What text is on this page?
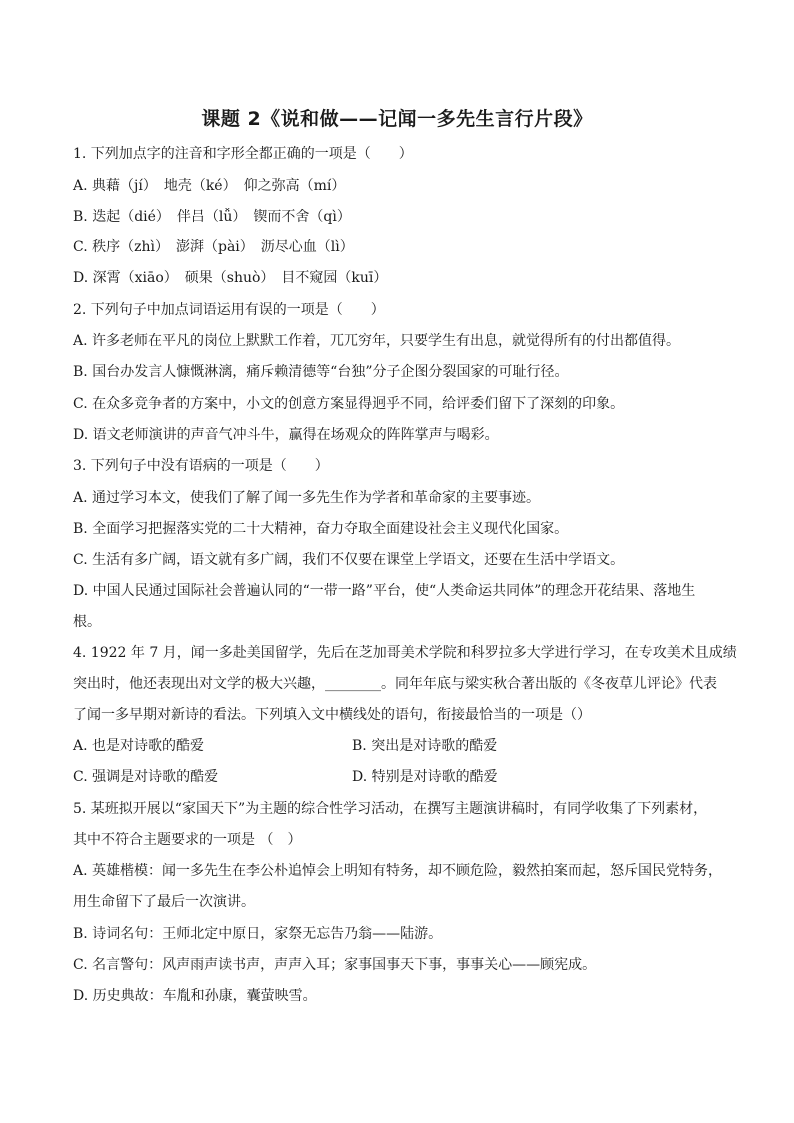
课题 2《说和做——记闻一多先生言行片段》
1. 下列加点字的注音和字形全都正确的一项是（　　）
A. 典藉（jí）　地壳（ké）　仰之弥高（mí）
B. 迭起（dié）　伴吕（lǚ）　锲而不舍（qì）
C. 秩序（zhì）　澎湃（pài）　沥尽心血（lì）
D. 深霄（xiāo）　硕果（shuò）　目不窥园（kuī）
2. 下列句子中加点词语运用有误的一项是（　　）
A. 许多老师在平凡的岗位上默默工作着，兀兀穷年，只要学生有出息，就觉得所有的付出都值得。
B. 国台办发言人慷慨淋漓，痛斥赖清德等“台独”分子企图分裂国家的可耻行径。
C. 在众多竞争者的方案中，小文的创意方案显得迥乎不同，给评委们留下了深刻的印象。
D. 语文老师演讲的声音气冲斗牛，赢得在场观众的阵阵掌声与喝彩。
3. 下列句子中没有语病的一项是（　　）
A. 通过学习本文，使我们了解了闻一多先生作为学者和革命家的主要事迹。
B. 全面学习把握落实党的二十大精神，奋力夺取全面建设社会主义现代化国家。
C. 生活有多广阔，语文就有多广阔，我们不仅要在课堂上学语文，还要在生活中学语文。
D. 中国人民通过国际社会普遍认同的“一带一路”平台，使“人类命运共同体”的理念开花结果、落地生
根。
4. 1922 年 7 月，闻一多赴美国留学，先后在芝加哥美术学院和科罗拉多大学进行学习，在专攻美术且成绩
突出时，他还表现出对文学的极大兴趣，________。同年年底与梁实秋合著出版的《冬夜草儿评论》代表
了闻一多早期对新诗的看法。下列填入文中横线处的语句，衔接最恰当的一项是（）
A. 也是对诗歌的酷爱	B. 突出是对诗歌的酷爱
C. 强调是对诗歌的酷爱	D. 特别是对诗歌的酷爱
5. 某班拟开展以“家国天下”为主题的综合性学习活动，在撰写主题演讲稿时，有同学收集了下列素材，
其中不符合主题要求的一项是 （　）
A. 英雄楷模：闻一多先生在李公朴追悼会上明知有特务，却不顾危险，毅然拍案而起，怒斥国民党特务，
用生命留下了最后一次演讲。
B. 诗词名句：王师北定中原日，家祭无忘告乃翁——陆游。
C. 名言警句：风声雨声读书声，声声入耳；家事国事天下事，事事关心——顾宪成。
D. 历史典故：车胤和孙康，囊萤映雪。
